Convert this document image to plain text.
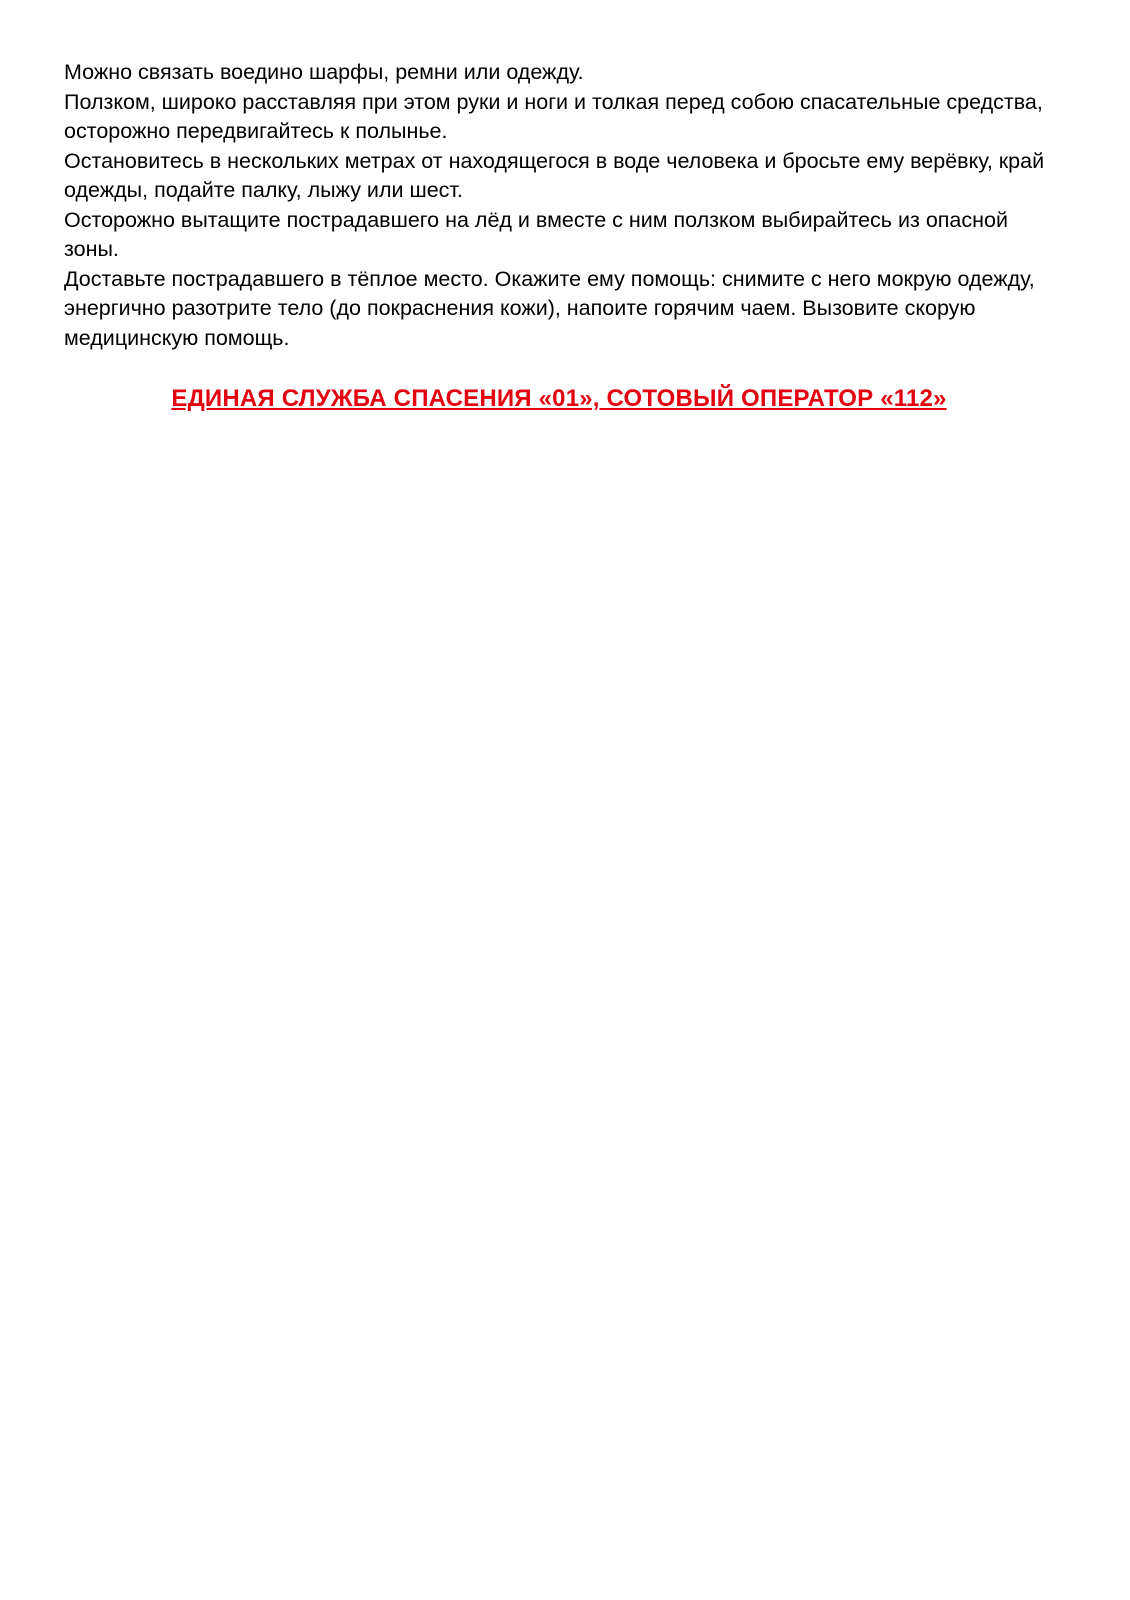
Можно связать воедино шарфы, ремни или одежду.

Ползком, широко расставляя при этом руки и ноги и толкая перед собою спасательные средства, осторожно передвигайтесь к полынье.

Остановитесь в нескольких метрах от находящегося в воде человека и бросьте ему верёвку, край одежды, подайте палку, лыжу или шест.

Осторожно вытащите пострадавшего на лёд и вместе с ним ползком выбирайтесь из опасной зоны.

Доставьте пострадавшего в тёплое место. Окажите ему помощь: снимите с него мокрую одежду, энергично разотрите тело (до покраснения кожи), напоите горячим чаем. Вызовите скорую медицинскую помощь.

ЕДИНАЯ СЛУЖБА СПАСЕНИЯ «01», СОТОВЫЙ ОПЕРАТОР «112»
